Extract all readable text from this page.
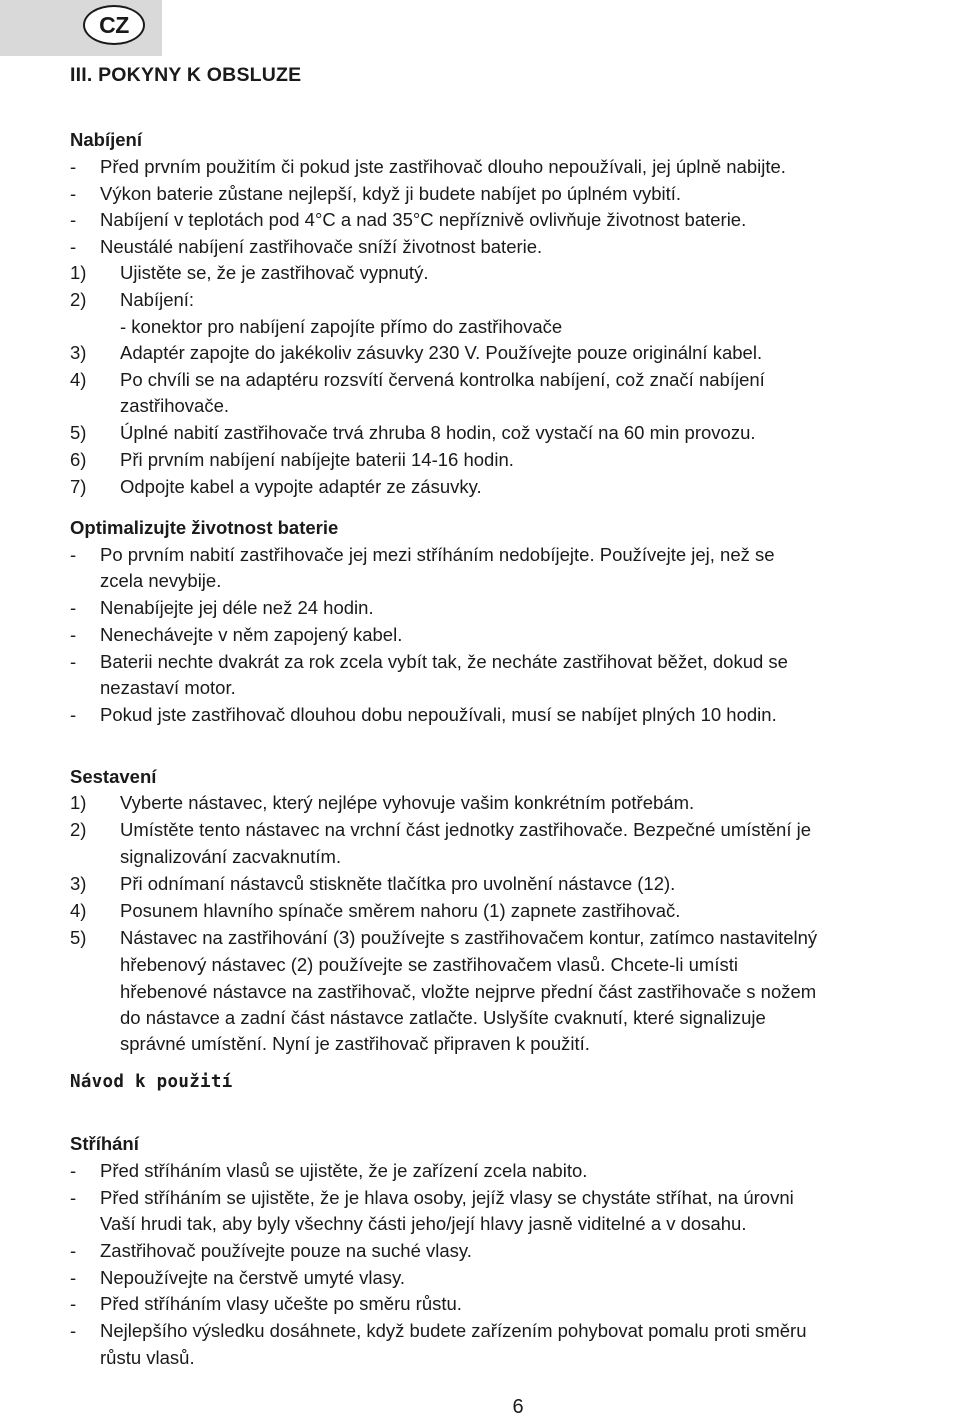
CZ
III. POKYNY K OBSLUZE
Nabíjení
- Před prvním použitím či pokud jste zastřihovač dlouho nepoužívali, jej úplně nabijte.
- Výkon baterie zůstane nejlepší, když ji budete nabíjet po úplném vybití.
- Nabíjení v teplotách pod 4°C a nad 35°C nepříznivě ovlivňuje životnost baterie.
- Neustálé nabíjení zastřihovače sníží životnost baterie.
1) Ujistěte se, že je zastřihovač vypnutý.
2) Nabíjení:
- konektor pro nabíjení zapojíte přímo do zastřihovače
3) Adaptér zapojte do jakékoliv zásuvky 230 V. Používejte pouze originální kabel.
4) Po chvíli se na adaptéru rozsvítí červená kontrolka nabíjení, což značí nabíjení
zastřihovače.
5) Úplné nabití zastřihovače trvá zhruba 8 hodin, což vystačí na 60 min provozu.
6) Při prvním nabíjení nabíjejte baterii 14-16 hodin.
7) Odpojte kabel a vypojte adaptér ze zásuvky.
Optimalizujte životnost baterie
- Po prvním nabití zastřihovače jej mezi stříháním nedobíjejte. Používejte jej, než se
zcela nevybije.
- Nenabíjejte jej déle než 24 hodin.
- Nenechávejte v něm zapojený kabel.
- Baterii nechte dvakrát za rok zcela vybít tak, že necháte zastřihovat běžet, dokud se
nezastaví motor.
- Pokud jste zastřihovač dlouhou dobu nepoužívali, musí se nabíjet plných 10 hodin.
Sestavení
1) Vyberte nástavec, který nejlépe vyhovuje vašim konkrétním potřebám.
2) Umístěte tento nástavec na vrchní část jednotky zastřihovače. Bezpečné umístění je
signalizování zacvaknutím.
3) Při odnímaní nástavců stiskněte tlačítka pro uvolnění nástavce (12).
4) Posunem hlavního spínače směrem nahoru (1) zapnete zastřihovač.
5) Nástavec na zastřihování (3) používejte s zastřihovačem kontur, zatímco nastavitelný
hřebenový nástavec (2) používejte se zastřihovačem vlasů. Chcete-li umísti
hřebenové nástavce na zastřihovač, vložte nejprve přední část zastřihovače s nožem
do nástavce a zadní část nástavce zatlačte. Uslyšíte cvaknutí, které signalizuje
správné umístění. Nyní je zastřihovač připraven k použití.
Návod k použití
Stříhání
- Před stříháním vlasů se ujistěte, že je zařízení zcela nabito.
- Před stříháním se ujistěte, že je hlava osoby, jejíž vlasy se chystáte stříhat, na úrovni
Vaší hrudi tak, aby byly všechny části jeho/její hlavy jasně viditelné a v dosahu.
- Zastřihovač používejte pouze na suché vlasy.
- Nepoužívejte na čerstvě umyté vlasy.
- Před stříháním vlasy učešte po směru růstu.
- Nejlepšího výsledku dosáhnete, když budete zařízením pohybovat pomalu proti směru
růstu vlasů.
6
